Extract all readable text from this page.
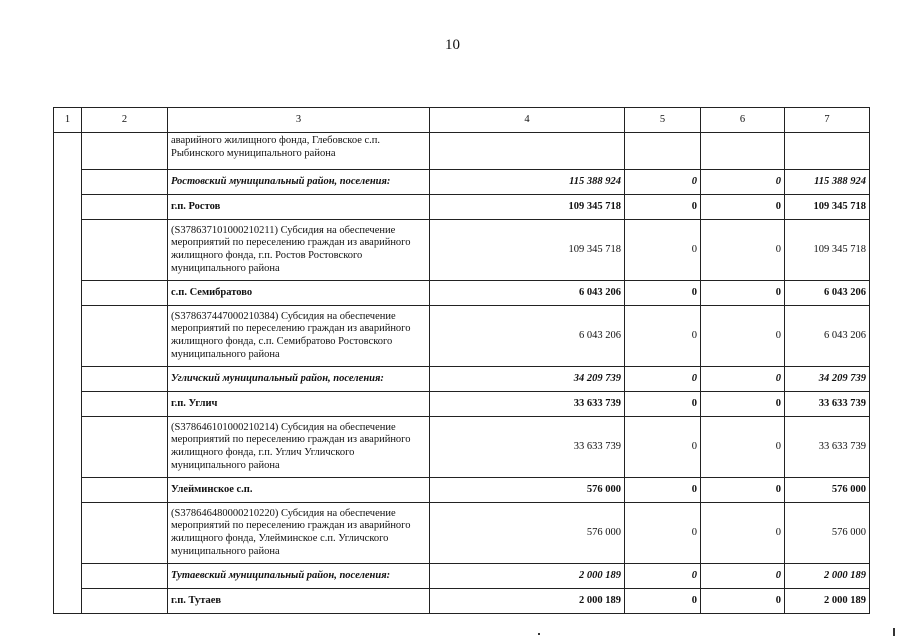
10
1	2	3	4	5	6	7
		аварийного жилищного фонда, Глебовское с.п. Рыбинского муниципального района				
		Ростовский муниципальный район, поселения:	115 388 924	0	0	115 388 924
		г.п. Ростов	109 345 718	0	0	109 345 718
		(S378637101000210211) Субсидия на обеспечение мероприятий по переселению граждан из аварийного жилищного фонда, г.п. Ростов Ростовского муниципального района	109 345 718	0	0	109 345 718
		с.п. Семибратово	6 043 206	0	0	6 043 206
		(S378637447000210384) Субсидия на обеспечение мероприятий по переселению граждан из аварийного жилищного фонда, с.п. Семибратово Ростовского муниципального района	6 043 206	0	0	6 043 206
		Угличский муниципальный район, поселения:	34 209 739	0	0	34 209 739
		г.п. Углич	33 633 739	0	0	33 633 739
		(S378646101000210214) Субсидия на обеспечение мероприятий по переселению граждан из аварийного жилищного фонда, г.п. Углич Угличского муниципального района	33 633 739	0	0	33 633 739
		Улейминское с.п.	576 000	0	0	576 000
		(S378646480000210220) Субсидия на обеспечение мероприятий по переселению граждан из аварийного жилищного фонда, Улейминское с.п. Угличского муниципального района	576 000	0	0	576 000
		Тутаевский муниципальный район, поселения:	2 000 189	0	0	2 000 189
		г.п. Тутаев	2 000 189	0	0	2 000 189
